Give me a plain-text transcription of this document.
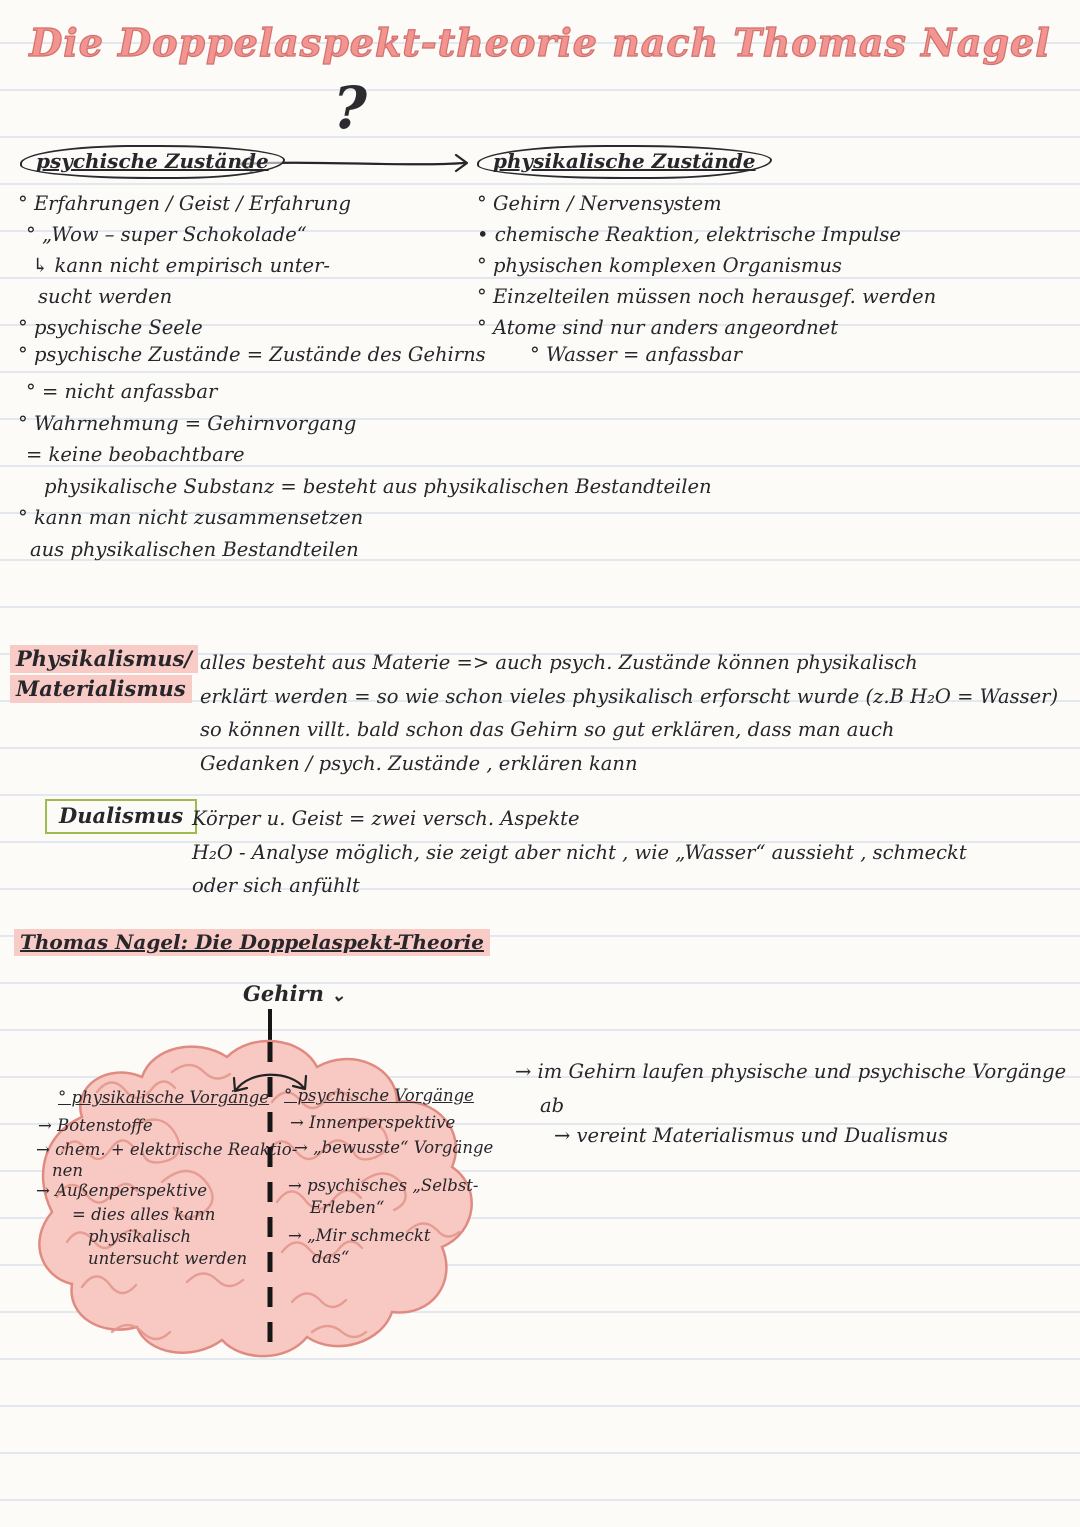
Die Doppelaspekt-theorie nach Thomas Nagel
?
psychische Zustände	physikalische Zustände
° Erfahrungen / Geist / Erfahrung
° „Wow – super Schokolade“
↳ kann nicht empirisch unter-
sucht werden
° psychische Seele
° Gehirn / Nervensystem
• chemische Reaktion, elektrische Impulse
° physischen komplexen Organismus
° Einzelteilen müssen noch herausgef. werden
° Atome sind nur anders angeordnet
° psychische Zustände = Zustände des Gehirns ° Wasser = anfassbar
° = nicht anfassbar
° Wahrnehmung = Gehirnvorgang
= keine beobachtbare
physikalische Substanz = besteht aus physikalischen Bestandteilen
° kann man nicht zusammensetzen
aus physikalischen Bestandteilen
Physikalismus/
Materialismus
alles besteht aus Materie => auch psych. Zustände können physikalisch
erklärt werden = so wie schon vieles physikalisch erforscht wurde (z.B H₂O = Wasser)
so können villt. bald schon das Gehirn so gut erklären, dass man auch
Gedanken / psych. Zustände , erklären kann
Dualismus Körper u. Geist = zwei versch. Aspekte
H₂O - Analyse möglich, sie zeigt aber nicht , wie „Wasser“ aussieht , schmeckt
oder sich anfühlt
Thomas Nagel: Die Doppelaspekt-Theorie
Gehirn ⌄
° physikalische Vorgänge
→ Botenstoffe
→ chem. + elektrische Reaktio-
nen
→ Außenperspektive
= dies alles kann
physikalisch
untersucht werden
° psychische Vorgänge
→ Innenperspektive
→ „bewusste“ Vorgänge
→ psychisches „Selbst-
Erleben“
→ „Mir schmeckt
das“
→ im Gehirn laufen physische und psychische Vorgänge
ab
→ vereint Materialismus und Dualismus
